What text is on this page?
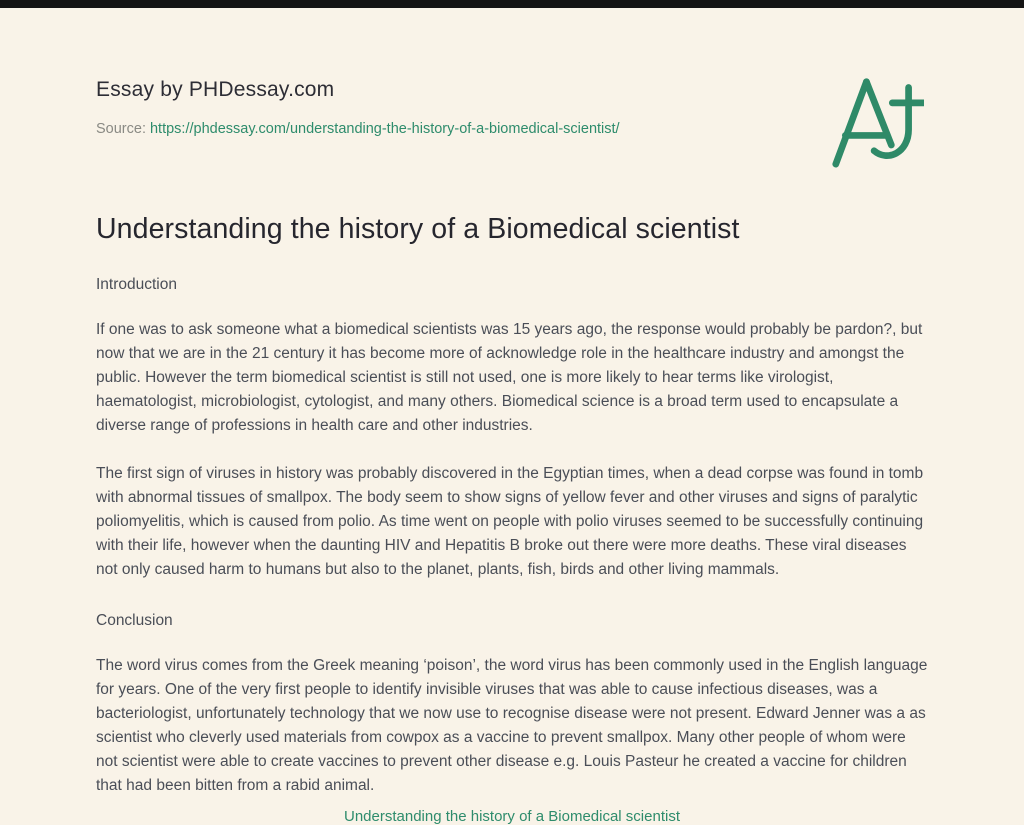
Essay by PHDessay.com
Source: https://phdessay.com/understanding-the-history-of-a-biomedical-scientist/
Understanding the history of a Biomedical scientist
Introduction

If one was to ask someone what a biomedical scientists was 15 years ago, the response would probably be pardon?, but now that we are in the 21 century it has become more of acknowledge role in the healthcare industry and amongst the public. However the term biomedical scientist is still not used, one is more likely to hear terms like virologist, haematologist, microbiologist, cytologist, and many others. Biomedical science is a broad term used to encapsulate a diverse range of professions in health care and other industries.

The first sign of viruses in history was probably discovered in the Egyptian times, when a dead corpse was found in tomb with abnormal tissues of smallpox. The body seem to show signs of yellow fever and other viruses and signs of paralytic poliomyelitis, which is caused from polio. As time went on people with polio viruses seemed to be successfully continuing with their life, however when the daunting HIV and Hepatitis B broke out there were more deaths. These viral diseases not only caused harm to humans but also to the planet, plants, fish, birds and other living mammals.

Conclusion

The word virus comes from the Greek meaning ‘poison’, the word virus has been commonly used in the English language for years. One of the very first people to identify invisible viruses that was able to cause infectious diseases, was a bacteriologist, unfortunately technology that we now use to recognise disease were not present. Edward Jenner was a as scientist who cleverly used materials from cowpox as a vaccine to prevent smallpox. Many other people of whom were not scientist were able to create vaccines to prevent other disease e.g. Louis Pasteur he created a vaccine for children that had been bitten from a rabid animal.

Understanding the history of a Biomedical scientist
